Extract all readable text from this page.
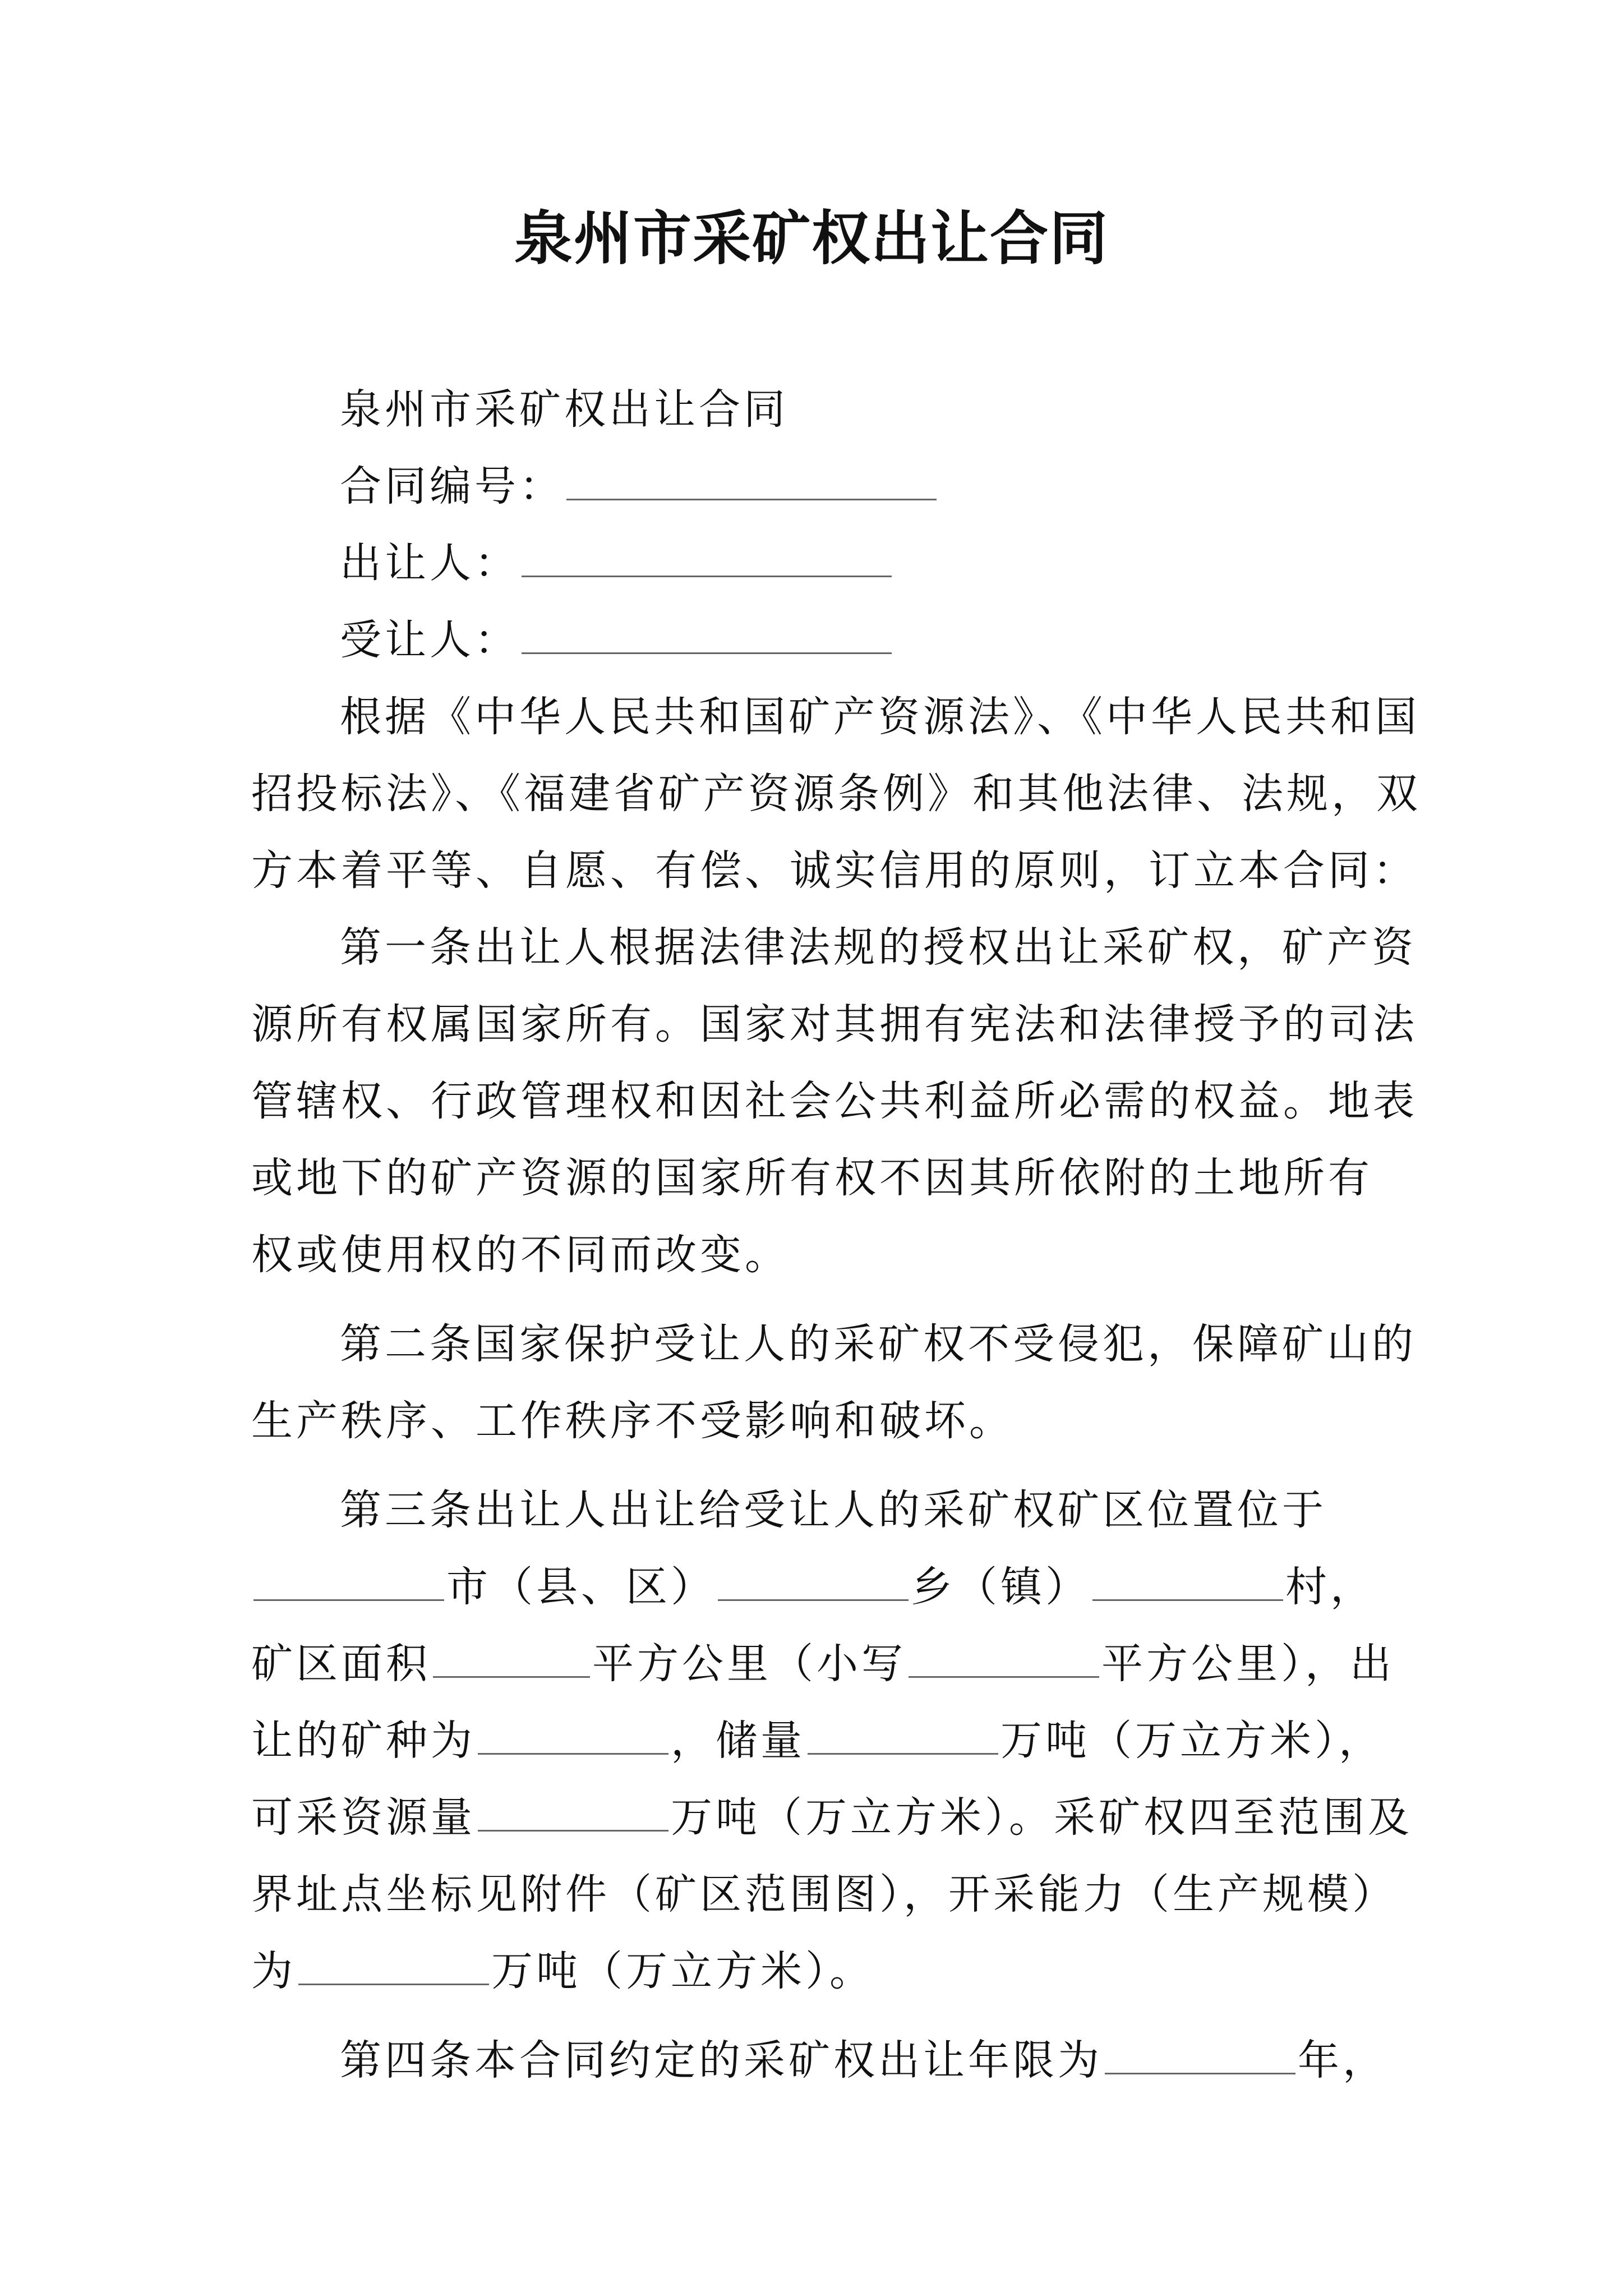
泉州市采矿权出让合同
泉州市采矿权出让合同
合同编号：
出让人：
受让人：
根据《中华人民共和国矿产资源法》、《中华人民共和国
招投标法》、《福建省矿产资源条例》和其他法律、法规，双
方本着平等、自愿、有偿、诚实信用的原则，订立本合同：
第一条出让人根据法律法规的授权出让采矿权，矿产资
源所有权属国家所有。国家对其拥有宪法和法律授予的司法
管辖权、行政管理权和因社会公共利益所必需的权益。地表
或地下的矿产资源的国家所有权不因其所依附的土地所有
权或使用权的不同而改变。
第二条国家保护受让人的采矿权不受侵犯，保障矿山的
生产秩序、工作秩序不受影响和破坏。
第三条出让人出让给受让人的采矿权矿区位置位于
市（县、区）	乡（镇）	村，
矿区面积	平方公里（小写	平方公里），出
让的矿种为	，储量	万吨（万立方米），
可采资源量	万吨（万立方米）。采矿权四至范围及
界址点坐标见附件（矿区范围图），开采能力（生产规模）
为	万吨（万立方米）。
第四条本合同约定的采矿权出让年限为	年，
